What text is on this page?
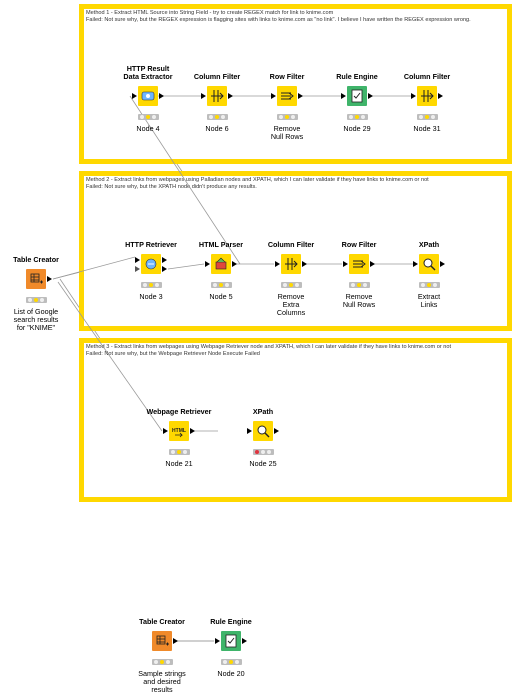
Method 1 - Extract HTML Source into String Field - try to create REGEX match for link to knime.com
Failed: Not sure why, but the REGEX expression is flagging sites with links to knime.com as "no link". I believe I have written the REGEX expression wrong.
Method 2 - Extract links from webpages using Palladian nodes and XPATH, which I can later validate if they have links to knime.com or not
Failed: Not sure why, but the XPATH node didn't produce any results.
Method 3 - Extract links from webpages using Webpage Retriever node and XPATH, which I can later validate if they have links to knime.com or not
Failed: Not sure why, but the Webpage Retriever Node Execute Failed
HTTP Result
Data Extractor
Node 4
Column Filter
Node 6
Row Filter
Remove
Null Rows
Rule Engine
Node 29
Column Filter
Node 31
Table Creator
List of Google
search results
for "KNIME"
HTTP Retriever
Node 3
HTML Parser
Node 5
Column Filter
Remove
Extra
Columns
Row Filter
Remove
Null Rows
XPath
Extract
Links
Webpage Retriever
HTML
Node 21
XPath
Node 25
Table Creator
Sample strings
and desired
results
Rule Engine
Node 20
